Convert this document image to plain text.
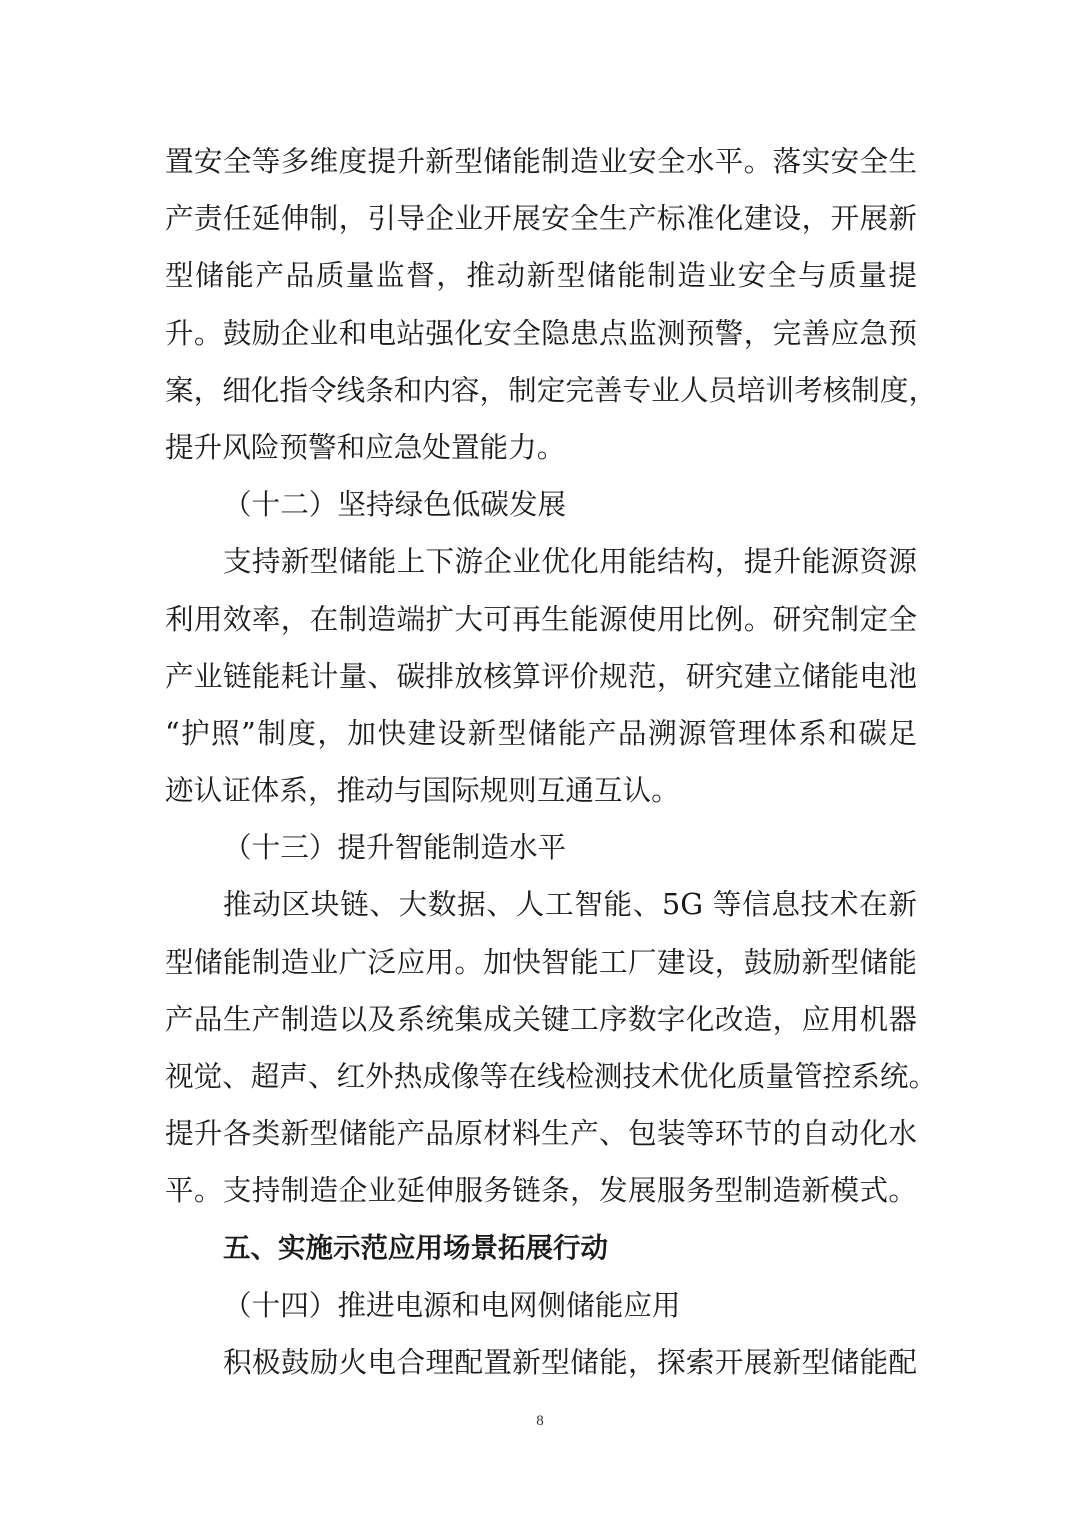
置安全等多维度提升新型储能制造业安全水平。落实安全生
产责任延伸制，引导企业开展安全生产标准化建设，开展新
型储能产品质量监督，推动新型储能制造业安全与质量提
升。鼓励企业和电站强化安全隐患点监测预警，完善应急预
案，细化指令线条和内容，制定完善专业人员培训考核制度，
提升风险预警和应急处置能力。
（十二）坚持绿色低碳发展
支持新型储能上下游企业优化用能结构，提升能源资源
利用效率，在制造端扩大可再生能源使用比例。研究制定全
产业链能耗计量、碳排放核算评价规范，研究建立储能电池
“护照”制度，加快建设新型储能产品溯源管理体系和碳足
迹认证体系，推动与国际规则互通互认。
（十三）提升智能制造水平
推动区块链、大数据、人工智能、5G 等信息技术在新
型储能制造业广泛应用。加快智能工厂建设，鼓励新型储能
产品生产制造以及系统集成关键工序数字化改造，应用机器
视觉、超声、红外热成像等在线检测技术优化质量管控系统。
提升各类新型储能产品原材料生产、包装等环节的自动化水
平。支持制造企业延伸服务链条，发展服务型制造新模式。
五、实施示范应用场景拓展行动
（十四）推进电源和电网侧储能应用
积极鼓励火电合理配置新型储能，探索开展新型储能配
8
